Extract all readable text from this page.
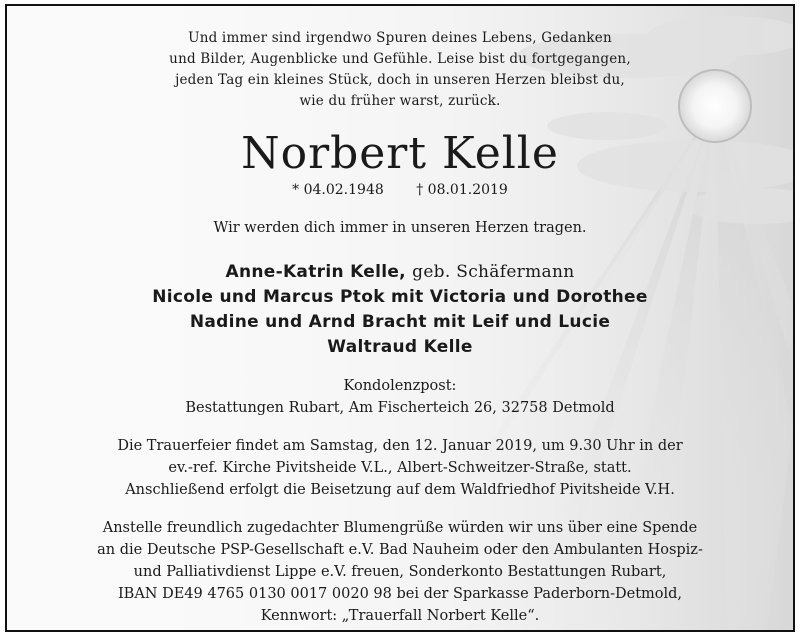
Und immer sind irgendwo Spuren deines Lebens, Gedanken
und Bilder, Augenblicke und Gefühle. Leise bist du fortgegangen,
jeden Tag ein kleines Stück, doch in unseren Herzen bleibst du,
wie du früher warst, zurück.
Norbert Kelle
* 04.02.1948 † 08.01.2019
Wir werden dich immer in unseren Herzen tragen.
Anne-Katrin Kelle, geb. Schäfermann
Nicole und Marcus Ptok mit Victoria und Dorothee
Nadine und Arnd Bracht mit Leif und Lucie
Waltraud Kelle
Kondolenzpost:
Bestattungen Rubart, Am Fischerteich 26, 32758 Detmold
Die Trauerfeier findet am Samstag, den 12. Januar 2019, um 9.30 Uhr in der
ev.-ref. Kirche Pivitsheide V.L., Albert-Schweitzer-Straße, statt.
Anschließend erfolgt die Beisetzung auf dem Waldfriedhof Pivitsheide V.H.
Anstelle freundlich zugedachter Blumengrüße würden wir uns über eine Spende
an die Deutsche PSP-Gesellschaft e.V. Bad Nauheim oder den Ambulanten Hospiz-
und Palliativdienst Lippe e.V. freuen, Sonderkonto Bestattungen Rubart,
IBAN DE49 4765 0130 0017 0020 98 bei der Sparkasse Paderborn-Detmold,
Kennwort: „Trauerfall Norbert Kelle“.
